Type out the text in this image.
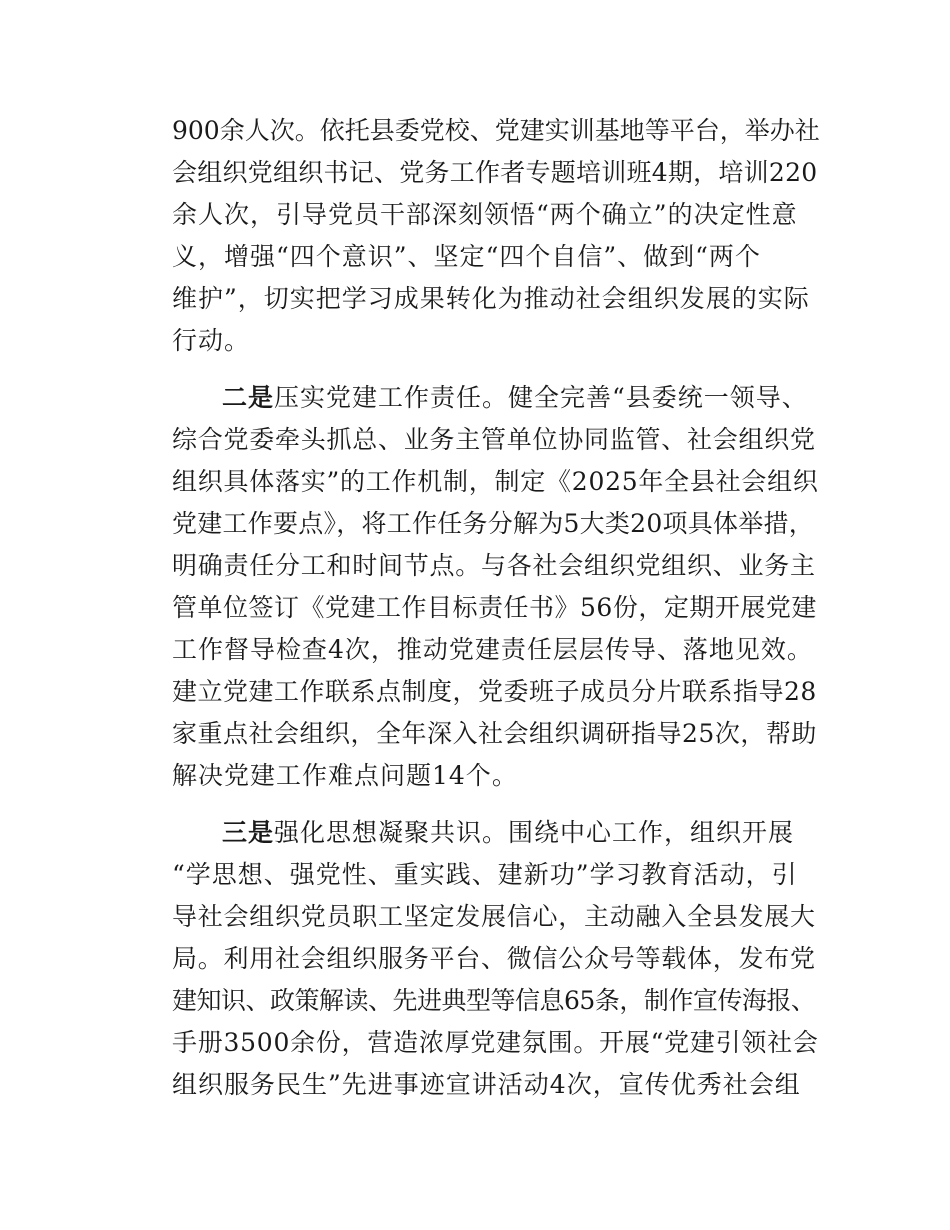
900余人次。依托县委党校、党建实训基地等平台，举办社
会组织党组织书记、党务工作者专题培训班4期，培训220
余人次，引导党员干部深刻领悟“两个确立”的决定性意
义，增强“四个意识”、坚定“四个自信”、做到“两个
维护”，切实把学习成果转化为推动社会组织发展的实际
行动。
二是压实党建工作责任。健全完善“县委统一领导、
综合党委牵头抓总、业务主管单位协同监管、社会组织党
组织具体落实”的工作机制，制定《2025年全县社会组织
党建工作要点》，将工作任务分解为5大类20项具体举措，
明确责任分工和时间节点。与各社会组织党组织、业务主
管单位签订《党建工作目标责任书》56份，定期开展党建
工作督导检查4次，推动党建责任层层传导、落地见效。
建立党建工作联系点制度，党委班子成员分片联系指导28
家重点社会组织，全年深入社会组织调研指导25次，帮助
解决党建工作难点问题14个。
三是强化思想凝聚共识。围绕中心工作，组织开展
“学思想、强党性、重实践、建新功”学习教育活动，引
导社会组织党员职工坚定发展信心，主动融入全县发展大
局。利用社会组织服务平台、微信公众号等载体，发布党
建知识、政策解读、先进典型等信息65条，制作宣传海报、
手册3500余份，营造浓厚党建氛围。开展“党建引领社会
组织服务民生”先进事迹宣讲活动4次，宣传优秀社会组
